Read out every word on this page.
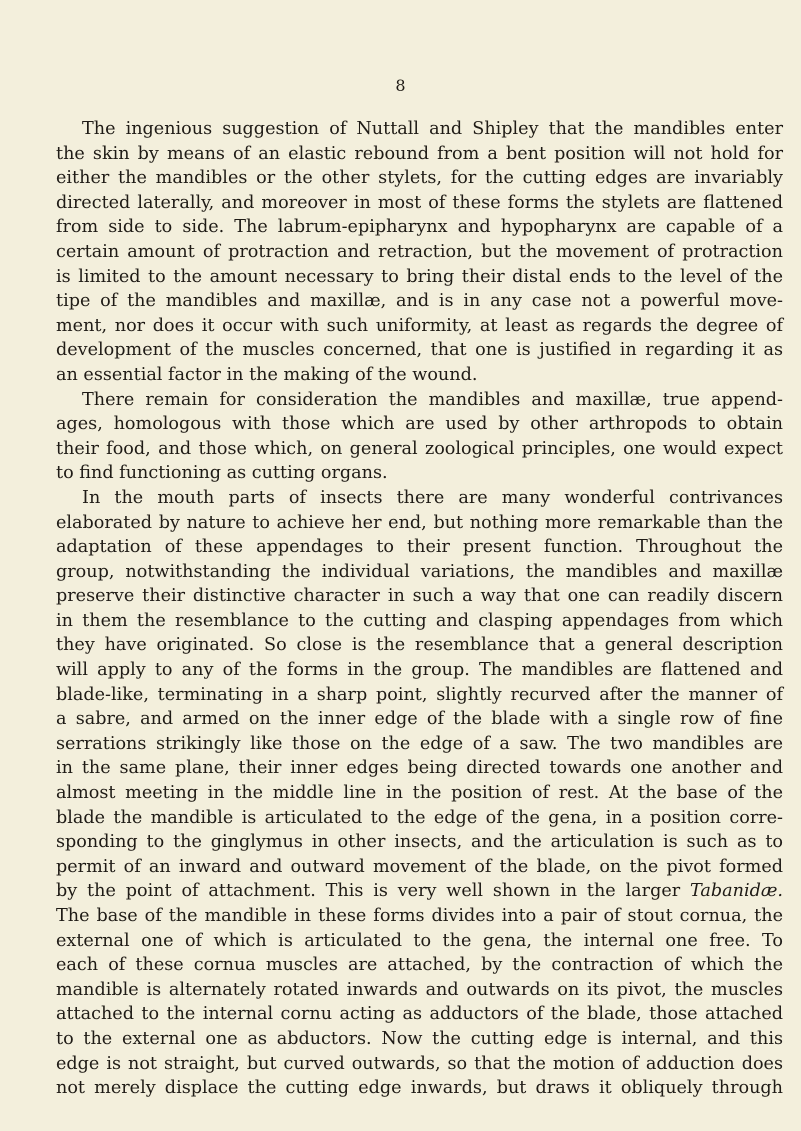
8
The ingenious suggestion of Nuttall and Shipley that the mandibles enter
the skin by means of an elastic rebound from a bent position will not hold for
either the mandibles or the other stylets, for the cutting edges are invariably
directed laterally, and moreover in most of these forms the stylets are flattened
from side to side. The labrum-epipharynx and hypopharynx are capable of a
certain amount of protraction and retraction, but the movement of protraction
is limited to the amount necessary to bring their distal ends to the level of the
tipe of the mandibles and maxillæ, and is in any case not a powerful move-
ment, nor does it occur with such uniformity, at least as regards the degree of
development of the muscles concerned, that one is justified in regarding it as
an essential factor in the making of the wound.
There remain for consideration the mandibles and maxillæ, true append-
ages, homologous with those which are used by other arthropods to obtain
their food, and those which, on general zoological principles, one would expect
to find functioning as cutting organs.
In the mouth parts of insects there are many wonderful contrivances
elaborated by nature to achieve her end, but nothing more remarkable than the
adaptation of these appendages to their present function. Throughout the
group, notwithstanding the individual variations, the mandibles and maxillæ
preserve their distinctive character in such a way that one can readily discern
in them the resemblance to the cutting and clasping appendages from which
they have originated. So close is the resemblance that a general description
will apply to any of the forms in the group. The mandibles are flattened and
blade-like, terminating in a sharp point, slightly recurved after the manner of
a sabre, and armed on the inner edge of the blade with a single row of fine
serrations strikingly like those on the edge of a saw. The two mandibles are
in the same plane, their inner edges being directed towards one another and
almost meeting in the middle line in the position of rest. At the base of the
blade the mandible is articulated to the edge of the gena, in a position corre-
sponding to the ginglymus in other insects, and the articulation is such as to
permit of an inward and outward movement of the blade, on the pivot formed
by the point of attachment. This is very well shown in the larger Tabanidæ.
The base of the mandible in these forms divides into a pair of stout cornua, the
external one of which is articulated to the gena, the internal one free. To
each of these cornua muscles are attached, by the contraction of which the
mandible is alternately rotated inwards and outwards on its pivot, the muscles
attached to the internal cornu acting as adductors of the blade, those attached
to the external one as abductors. Now the cutting edge is internal, and this
edge is not straight, but curved outwards, so that the motion of adduction does
not merely displace the cutting edge inwards, but draws it obliquely through
